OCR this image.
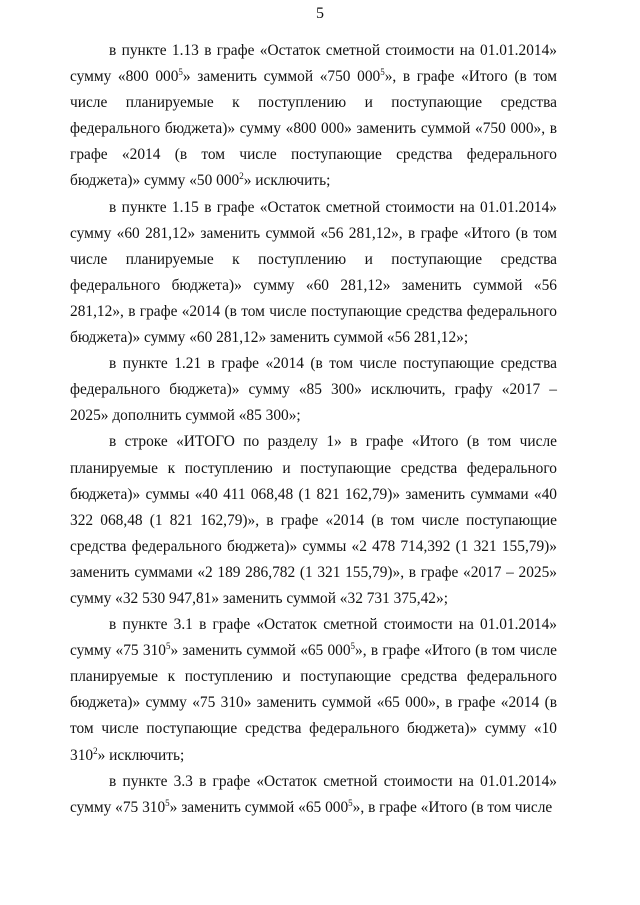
5

в пункте 1.13 в графе «Остаток сметной стоимости на 01.01.2014» сумму «800 $000^5$» заменить суммой «750 $000^5$», в графе «Итого (в том числе планируемые к поступлению и поступающие средства федерального бюджета)» сумму «800 000» заменить суммой «750 000», в графе «2014 (в том числе поступающие средства федерального бюджета)» сумму «50 $000^2$» исключить;

в пункте 1.15 в графе «Остаток сметной стоимости на 01.01.2014» сумму «60 281,12» заменить суммой «56 281,12», в графе «Итого (в том числе планируемые к поступлению и поступающие средства федерального бюджета)» сумму «60 281,12» заменить суммой «56 281,12», в графе «2014 (в том числе поступающие средства федерального бюджета)» сумму «60 281,12» заменить суммой «56 281,12»;

в пункте 1.21 в графе «2014 (в том числе поступающие средства федерального бюджета)» сумму «85 300» исключить, графу «2017 – 2025» дополнить суммой «85 300»;

в строке «ИТОГО по разделу 1» в графе «Итого (в том числе планируемые к поступлению и поступающие средства федерального бюджета)» суммы «40 411 068,48 (1 821 162,79)» заменить суммами «40 322 068,48 (1 821 162,79)», в графе «2014 (в том числе поступающие средства федерального бюджета)» суммы «2 478 714,392 (1 321 155,79)» заменить суммами «2 189 286,782 (1 321 155,79)», в графе «2017 – 2025» сумму «32 530 947,81» заменить суммой «32 731 375,42»;

в пункте 3.1 в графе «Остаток сметной стоимости на 01.01.2014» сумму «75 $310^5$» заменить суммой «65 $000^5$», в графе «Итого (в том числе планируемые к поступлению и поступающие средства федерального бюджета)» сумму «75 310» заменить суммой «65 000», в графе «2014 (в том числе поступающие средства федерального бюджета)» сумму «10 $310^2$» исключить;

в пункте 3.3 в графе «Остаток сметной стоимости на 01.01.2014» сумму «75 $310^5$» заменить суммой «65 $000^5$», в графе «Итого (в том числе
